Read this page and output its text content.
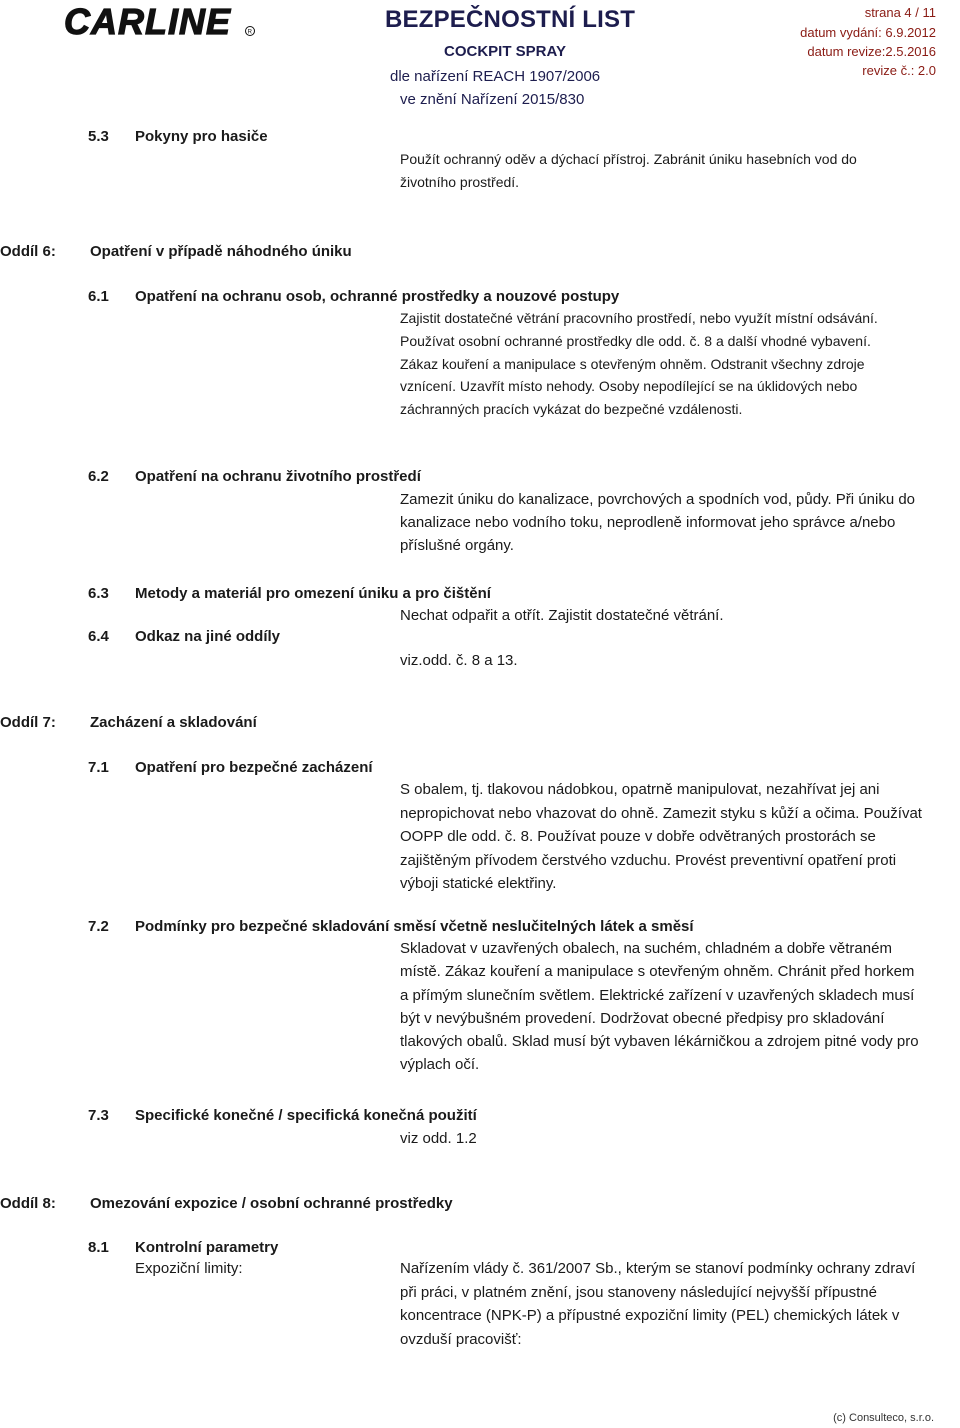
CARLINE	R	BEZPEČNOSTNÍ LIST
COCKPIT SPRAY
dle nařízení REACH 1907/2006
ve znění Nařízení 2015/830
strana 4 / 11
datum vydání: 6.9.2012
datum revize:2.5.2016
revize č.: 2.0
5.3 Pokyny pro hasiče
Použít ochranný oděv a dýchací přístroj. Zabránit úniku hasebních vod do
životního prostředí.
Oddíl 6: Opatření v případě náhodného úniku
6.1 Opatření na ochranu osob, ochranné prostředky a nouzové postupy
Zajistit dostatečné větrání pracovního prostředí, nebo využít místní odsávání.
Používat osobní ochranné prostředky dle odd. č. 8 a další vhodné vybavení.
Zákaz kouření a manipulace s otevřeným ohněm. Odstranit všechny zdroje
vznícení. Uzavřít místo nehody. Osoby nepodílející se na úklidových nebo
záchranných pracích vykázat do bezpečné vzdálenosti.
6.2 Opatření na ochranu životního prostředí
Zamezit úniku do kanalizace, povrchových a spodních vod, půdy. Při úniku do
kanalizace nebo vodního toku, neprodleně informovat jeho správce a/nebo
příslušné orgány.
6.3 Metody a materiál pro omezení úniku a pro čištění
Nechat odpařit a otřít. Zajistit dostatečné větrání.
6.4 Odkaz na jiné oddíly
viz.odd. č. 8 a 13.
Oddíl 7: Zacházení a skladování
7.1 Opatření pro bezpečné zacházení
S obalem, tj. tlakovou nádobkou, opatrně manipulovat, nezahřívat jej ani
nepropichovat nebo vhazovat do ohně. Zamezit styku s kůží a očima. Používat
OOPP dle odd. č. 8. Používat pouze v dobře odvětraných prostorách se
zajištěným přívodem čerstvého vzduchu. Provést preventivní opatření proti
výboji statické elektřiny.
7.2 Podmínky pro bezpečné skladování směsí včetně neslučitelných látek a směsí
Skladovat v uzavřených obalech, na suchém, chladném a dobře větraném
místě. Zákaz kouření a manipulace s otevřeným ohněm. Chránit před horkem
a přímým slunečním světlem. Elektrické zařízení v uzavřených skladech musí
být v nevýbušném provedení. Dodržovat obecné předpisy pro skladování
tlakových obalů. Sklad musí být vybaven lékárničkou a zdrojem pitné vody pro
výplach očí.
7.3 Specifické konečné / specifická konečná použití
viz odd. 1.2
Oddíl 8: Omezování expozice / osobní ochranné prostředky
8.1 Kontrolní parametry
Expoziční limity:	Nařízením vlády č. 361/2007 Sb., kterým se stanoví podmínky ochrany zdraví
při práci, v platném znění, jsou stanoveny následující nejvyšší přípustné
koncentrace (NPK-P) a přípustné expoziční limity (PEL) chemických látek v
ovzduší pracovišť:
(c) Consulteco, s.r.o.
